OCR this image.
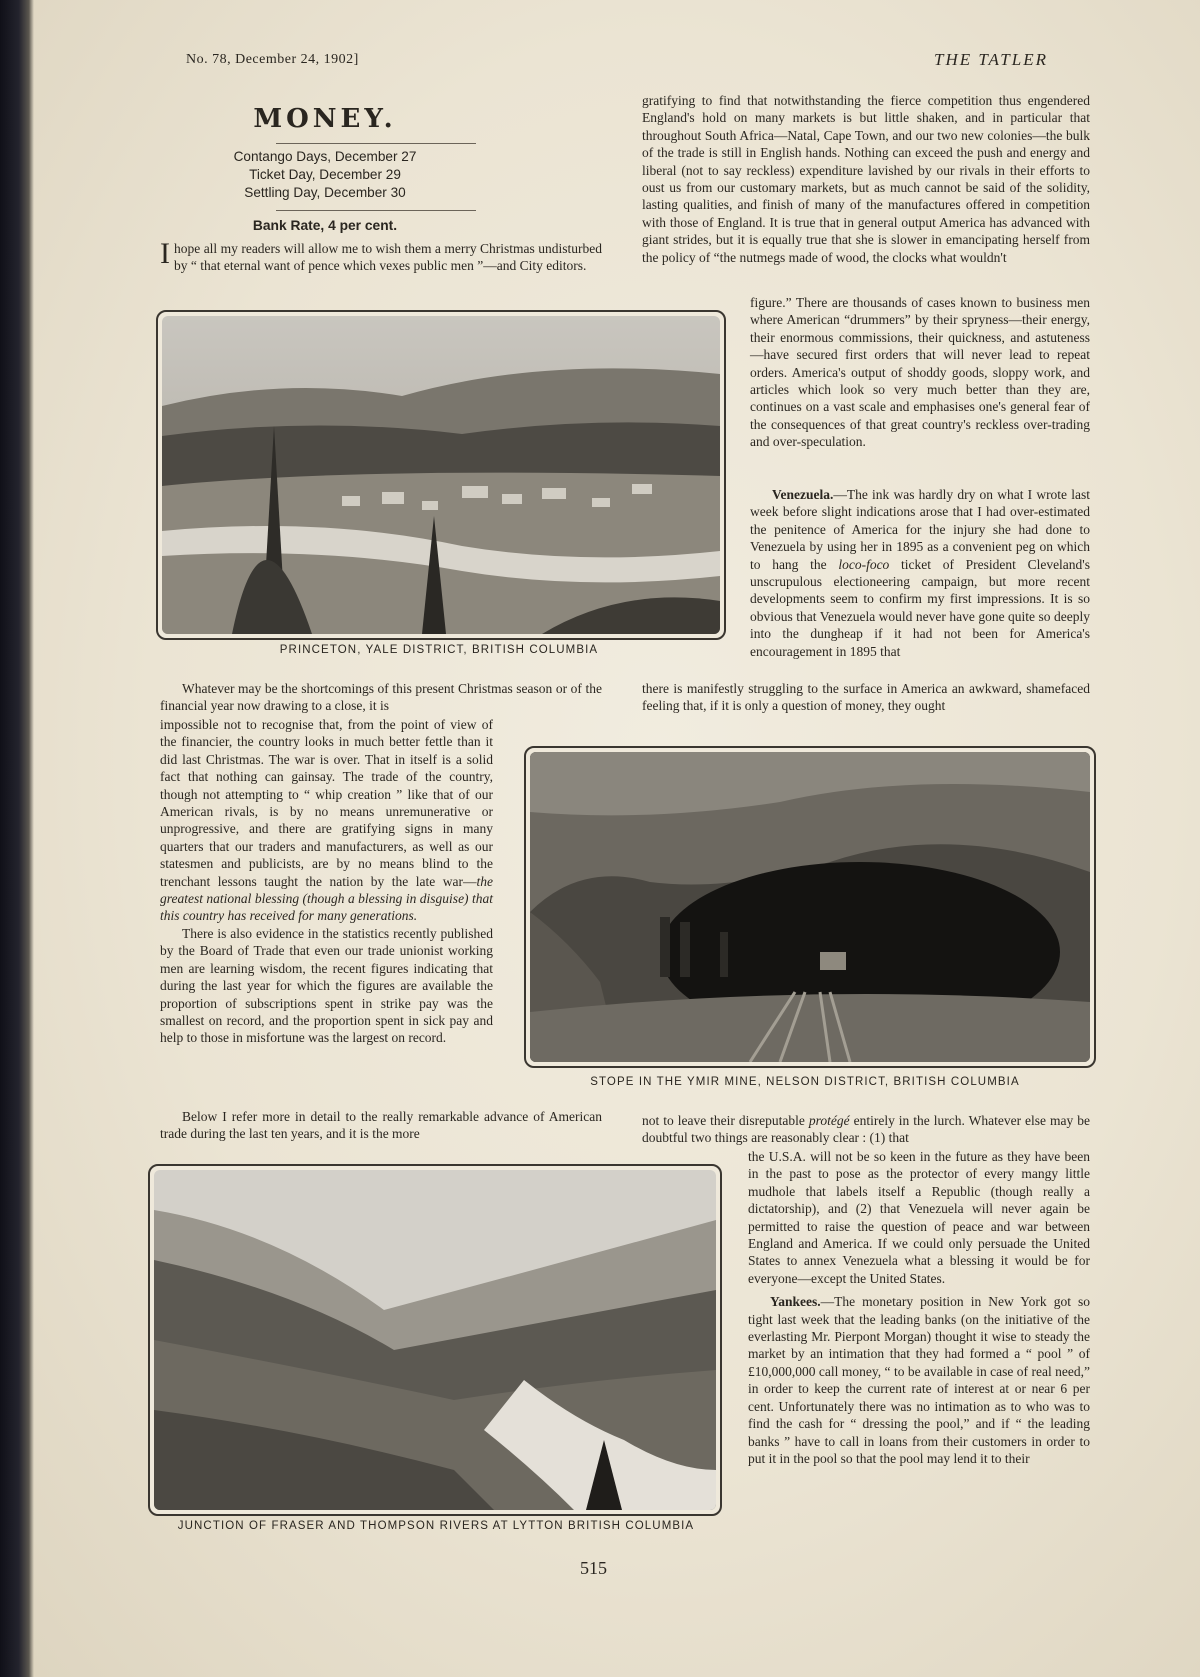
No. 78, December 24, 1902]	THE TATLER
MONEY.
Contango Days, December 27
Ticket Day, December 29
Settling Day, December 30
Bank Rate, 4 per cent.

Ihope all my readers will allow me to wish them a merry Christmas undisturbed by “ that eternal want of pence which vexes public men ”—and City editors.

gratifying to find that notwithstanding the fierce competition thus engendered England's hold on many markets is but little shaken, and in particular that throughout South Africa—Natal, Cape Town, and our two new colonies—the bulk of the trade is still in English hands. Nothing can exceed the push and energy and liberal (not to say reckless) expenditure lavished by our rivals in their efforts to oust us from our customary markets, but as much cannot be said of the solidity, lasting qualities, and finish of many of the manufactures offered in competition with those of England. It is true that in general output America has advanced with giant strides, but it is equally true that she is slower in emancipating herself from the policy of “the nutmegs made of wood, the clocks what wouldn't

figure.” There are thousands of cases known to business men where American “drummers” by their spryness—their energy, their enormous commissions, their quickness, and astuteness—have secured first orders that will never lead to repeat orders. America's output of shoddy goods, sloppy work, and articles which look so very much better than they are, continues on a vast scale and emphasises one's general fear of the consequences of that great country's reckless over-trading and over-speculation.

Venezuela.—The ink was hardly dry on what I wrote last week before slight indications arose that I had over-estimated the penitence of America for the injury she had done to Venezuela by using her in 1895 as a convenient peg on which to hang the loco-foco ticket of President Cleveland's unscrupulous electioneering campaign, but more recent developments seem to confirm my first impressions. It is so obvious that Venezuela would never have gone quite so deeply into the dungheap if it had not been for America's encouragement in 1895 that

there is manifestly struggling to the surface in America an awkward, shamefaced feeling that, if it is only a question of money, they ought

PRINCETON, YALE DISTRICT, BRITISH COLUMBIA

Whatever may be the shortcomings of this present Christmas season or of the financial year now drawing to a close, it is

impossible not to recognise that, from the point of view of the financier, the country looks in much better fettle than it did last Christmas. The war is over. That in itself is a solid fact that nothing can gainsay. The trade of the country, though not attempting to “ whip creation ” like that of our American rivals, is by no means unremunerative or unprogressive, and there are gratifying signs in many quarters that our traders and manufacturers, as well as our statesmen and publicists, are by no means blind to the trenchant lessons taught the nation by the late war—the greatest national blessing (though a blessing in disguise) that this country has received for many generations.

There is also evidence in the statistics recently published by the Board of Trade that even our trade unionist working men are learning wisdom, the recent figures indicating that during the last year for which the figures are available the proportion of subscriptions spent in strike pay was the smallest on record, and the proportion spent in sick pay and help to those in misfortune was the largest on record.

Below I refer more in detail to the really remarkable advance of American trade during the last ten years, and it is the more

STOPE IN THE YMIR MINE, NELSON DISTRICT, BRITISH COLUMBIA

not to leave their disreputable protégé entirely in the lurch. Whatever else may be doubtful two things are reasonably clear : (1) that

the U.S.A. will not be so keen in the future as they have been in the past to pose as the protector of every mangy little mudhole that labels itself a Republic (though really a dictatorship), and (2) that Venezuela will never again be permitted to raise the question of peace and war between England and America. If we could only persuade the United States to annex Venezuela what a blessing it would be for everyone—except the United States.

Yankees.—The monetary position in New York got so tight last week that the leading banks (on the initiative of the everlasting Mr. Pierpont Morgan) thought it wise to steady the market by an intimation that they had formed a “ pool ” of £10,000,000 call money, “ to be available in case of real need,” in order to keep the current rate of interest at or near 6 per cent. Unfortunately there was no intimation as to who was to find the cash for “ dressing the pool,” and if “ the leading banks ” have to call in loans from their customers in order to put it in the pool so that the pool may lend it to their

JUNCTION OF FRASER AND THOMPSON RIVERS AT LYTTON BRITISH COLUMBIA
515
